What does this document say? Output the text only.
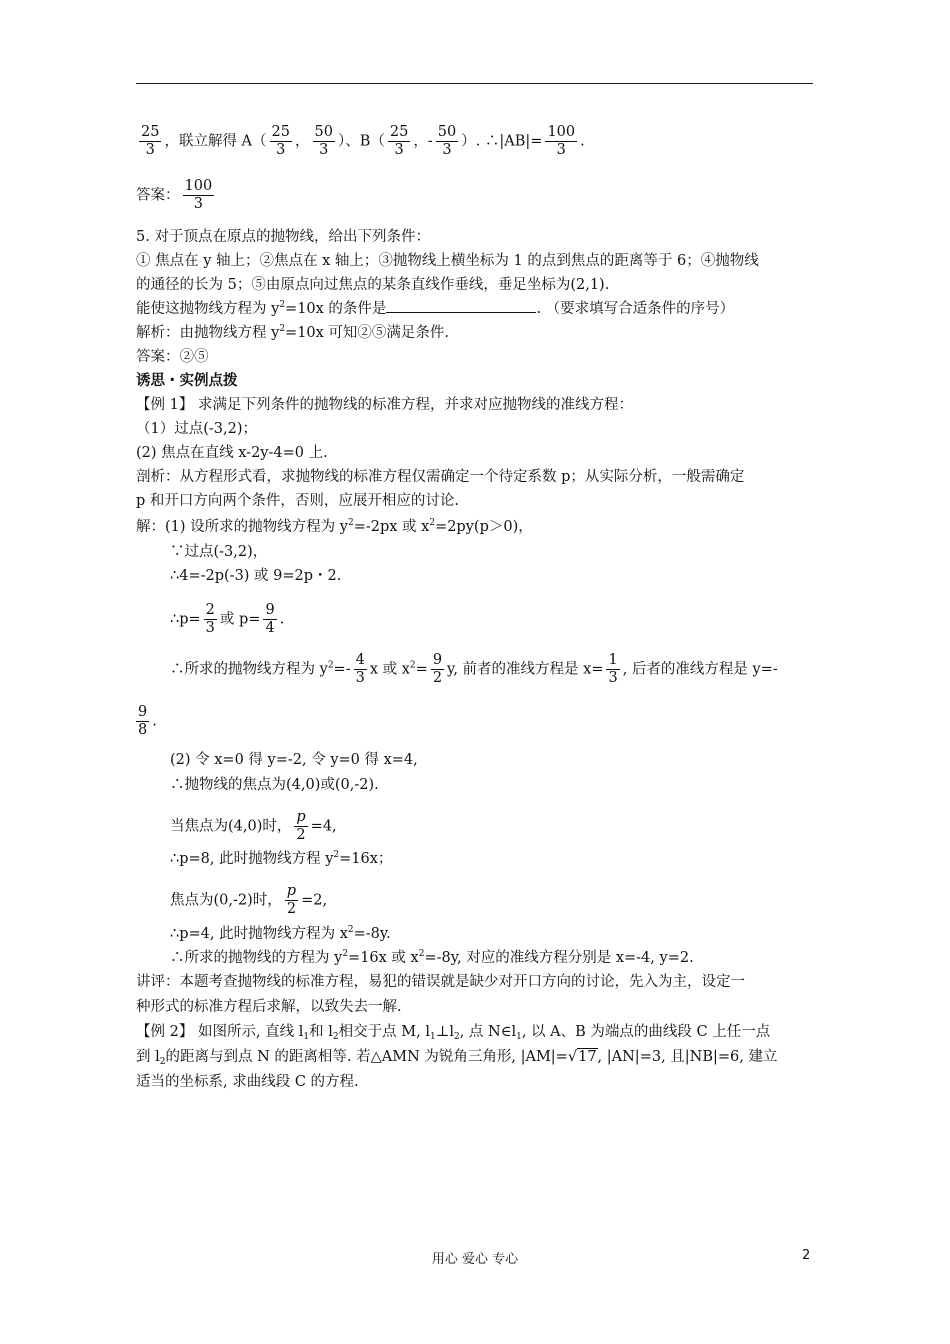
$\frac{25}{3}$ ，联立解得 $A( \frac{25}{3}$ ， $\frac{50}{3}$ ）、$B( \frac{25}{3}$ ，- $\frac{50}{3}$ ）. ∴|AB|= $\frac{100}{3}$ .
答案： $\frac{100}{3}$
5. 对于顶点在原点的抛物线，给出下列条件：
① 焦点在 y 轴上；②焦点在 x 轴上；③抛物线上横坐标为 1 的点到焦点的距离等于 6；④抛物线
的通径的长为 5；⑤由原点向过焦点的某条直线作垂线，垂足坐标为(2,1).
能使这抛物线方程为 $y^2=10x$ 的条件是	. （要求填写合适条件的序号）
解析：由抛物线方程 $y^2=10x$ 可知②⑤满足条件.
答案：②⑤
诱思・实例点拨
【例 1】 求满足下列条件的抛物线的标准方程，并求对应抛物线的准线方程：
（1）过点(-3,2)；
(2) 焦点在直线 x-2y-4=0 上.
剖析：从方程形式看，求抛物线的标准方程仅需确定一个待定系数 p；从实际分析，一般需确定
p 和开口方向两个条件，否则，应展开相应的讨论.
解：(1) 设所求的抛物线方程为 $y^2=-2px$ 或 $x^2=2py(p>0)$，
∵过点(-3,2)，
∴4=-2p(-3) 或 9=2p・2.
∴p= $\frac{2}{3}$ 或 $p= \frac{9}{4}$ .
∴所求的抛物线方程为 $y^2=- \frac{4}{3}$ x 或 $x^2= \frac{9}{2} y$, 前者的准线方程是 $x= \frac{1}{3}$ , 后者的准线方程是 y=-
$\frac{9}{8}$ .
(2) 令 x=0 得 y=-2, 令 y=0 得 x=4,
∴抛物线的焦点为(4,0)或(0,-2).
当焦点为(4,0)时， $\frac{p}{2} =4$,
∴p=8, 此时抛物线方程 $y^2=16x$；
焦点为(0,-2)时， $\frac{p}{2} =2$,
∴p=4, 此时抛物线方程为 $x^2=-8y$.
∴所求的抛物线的方程为 $y^2=16x$ 或 $x^2=-8y$, 对应的准线方程分别是 x=-4, y=2.
讲评：本题考查抛物线的标准方程，易犯的错误就是缺少对开口方向的讨论，先入为主，设定一
种形式的标准方程后求解，以致失去一解.
【例 2】 如图所示, 直线 $l_1$和 $l_2$相交于点 M, $l_1\perp l_2$, 点 $N\in l_1$, 以 A、B 为端点的曲线段 C 上任一点
到 $l_2$的距离与到点 N 的距离相等. 若△AMN 为锐角三角形, |AM|=√17, |AN|=3, 且|NB|=6, 建立
适当的坐标系, 求曲线段 C 的方程.
用心 爱心 专心	2
